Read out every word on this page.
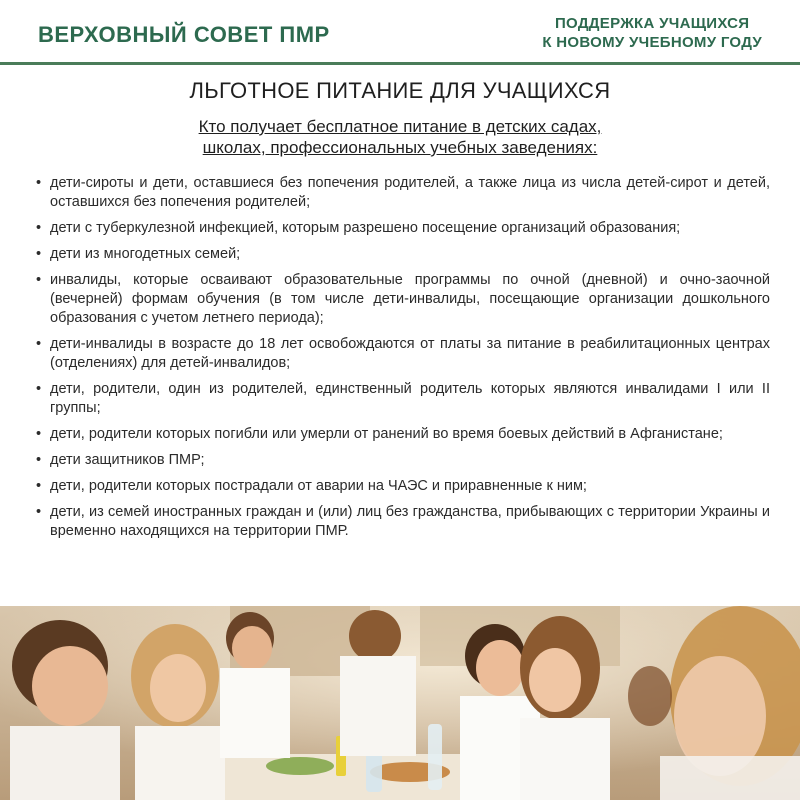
ВЕРХОВНЫЙ СОВЕТ ПМР	ПОДДЕРЖКА УЧАЩИХСЯ
К НОВОМУ УЧЕБНОМУ ГОДУ
ЛЬГОТНОЕ ПИТАНИЕ ДЛЯ УЧАЩИХСЯ
Кто получает бесплатное питание в детских садах,
школах, профессиональных учебных заведениях:
• дети-сироты и дети, оставшиеся без попечения родителей, а также лица из числа детей-сирот и детей, оставшихся без попечения родителей;
• дети с туберкулезной инфекцией, которым разрешено посещение организаций образования;
• дети из многодетных семей;
• инвалиды, которые осваивают образовательные программы по очной (дневной) и очно-заочной (вечерней) формам обучения (в том числе дети-инвалиды, посещающие организации дошкольного образования с учетом летнего периода);
• дети-инвалиды в возрасте до 18 лет освобождаются от платы за питание в реабилитационных центрах (отделениях) для детей-инвалидов;
• дети, родители, один из родителей, единственный родитель которых являются инвалидами I или II группы;
• дети, родители которых погибли или умерли от ранений во время боевых действий в Афганистане;
• дети защитников ПМР;
• дети, родители которых пострадали от аварии на ЧАЭС и приравненные к ним;
• дети, из семей иностранных граждан и (или) лиц без гражданства, прибывающих с территории Украины и временно находящихся на территории ПМР.
